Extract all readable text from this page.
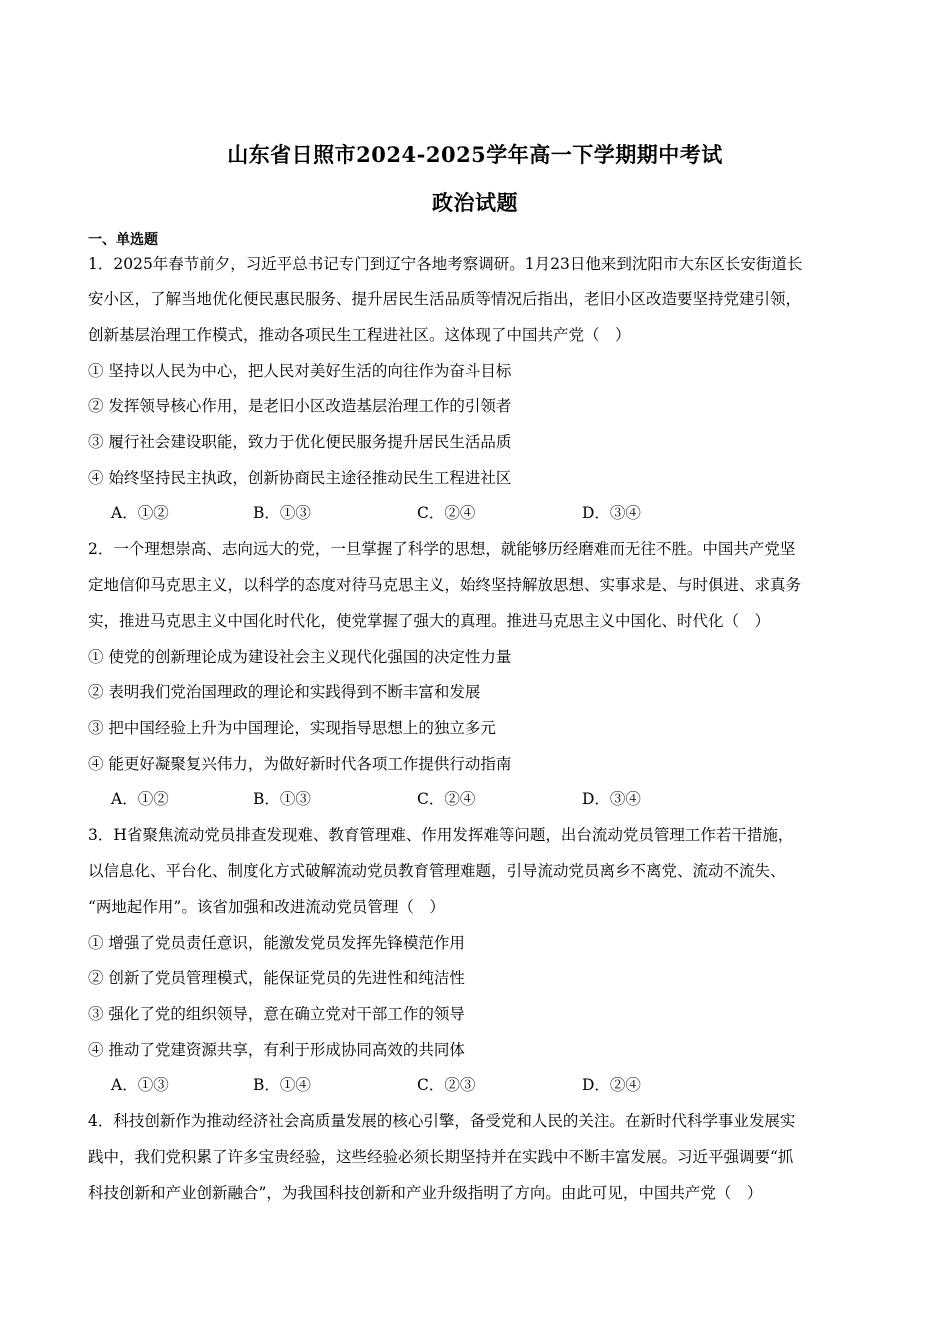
山东省日照市2024-2025学年高一下学期期中考试
政治试题
一、单选题
1．2025年春节前夕，习近平总书记专门到辽宁各地考察调研。1月23日他来到沈阳市大东区长安街道长
安小区，了解当地优化便民惠民服务、提升居民生活品质等情况后指出，老旧小区改造要坚持党建引领，
创新基层治理工作模式，推动各项民生工程进社区。这体现了中国共产党（　）
① 坚持以人民为中心，把人民对美好生活的向往作为奋斗目标
② 发挥领导核心作用，是老旧小区改造基层治理工作的引领者
③ 履行社会建设职能，致力于优化便民服务提升居民生活品质
④ 始终坚持民主执政，创新协商民主途径推动民生工程进社区
A．①②	B．①③	C．②④	D．③④
2．一个理想崇高、志向远大的党，一旦掌握了科学的思想，就能够历经磨难而无往不胜。中国共产党坚
定地信仰马克思主义，以科学的态度对待马克思主义，始终坚持解放思想、实事求是、与时俱进、求真务
实，推进马克思主义中国化时代化，使党掌握了强大的真理。推进马克思主义中国化、时代化（　）
① 使党的创新理论成为建设社会主义现代化强国的决定性力量
② 表明我们党治国理政的理论和实践得到不断丰富和发展
③ 把中国经验上升为中国理论，实现指导思想上的独立多元
④ 能更好凝聚复兴伟力，为做好新时代各项工作提供行动指南
A．①②	B．①③	C．②④	D．③④
3．H省聚焦流动党员排查发现难、教育管理难、作用发挥难等问题，出台流动党员管理工作若干措施，
以信息化、平台化、制度化方式破解流动党员教育管理难题，引导流动党员离乡不离党、流动不流失、
“两地起作用”。该省加强和改进流动党员管理（　）
① 增强了党员责任意识，能激发党员发挥先锋模范作用
② 创新了党员管理模式，能保证党员的先进性和纯洁性
③ 强化了党的组织领导，意在确立党对干部工作的领导
④ 推动了党建资源共享，有利于形成协同高效的共同体
A．①③	B．①④	C．②③	D．②④
4．科技创新作为推动经济社会高质量发展的核心引擎，备受党和人民的关注。在新时代科学事业发展实
践中，我们党积累了许多宝贵经验，这些经验必须长期坚持并在实践中不断丰富发展。习近平强调要“抓
科技创新和产业创新融合”，为我国科技创新和产业升级指明了方向。由此可见，中国共产党（　）
